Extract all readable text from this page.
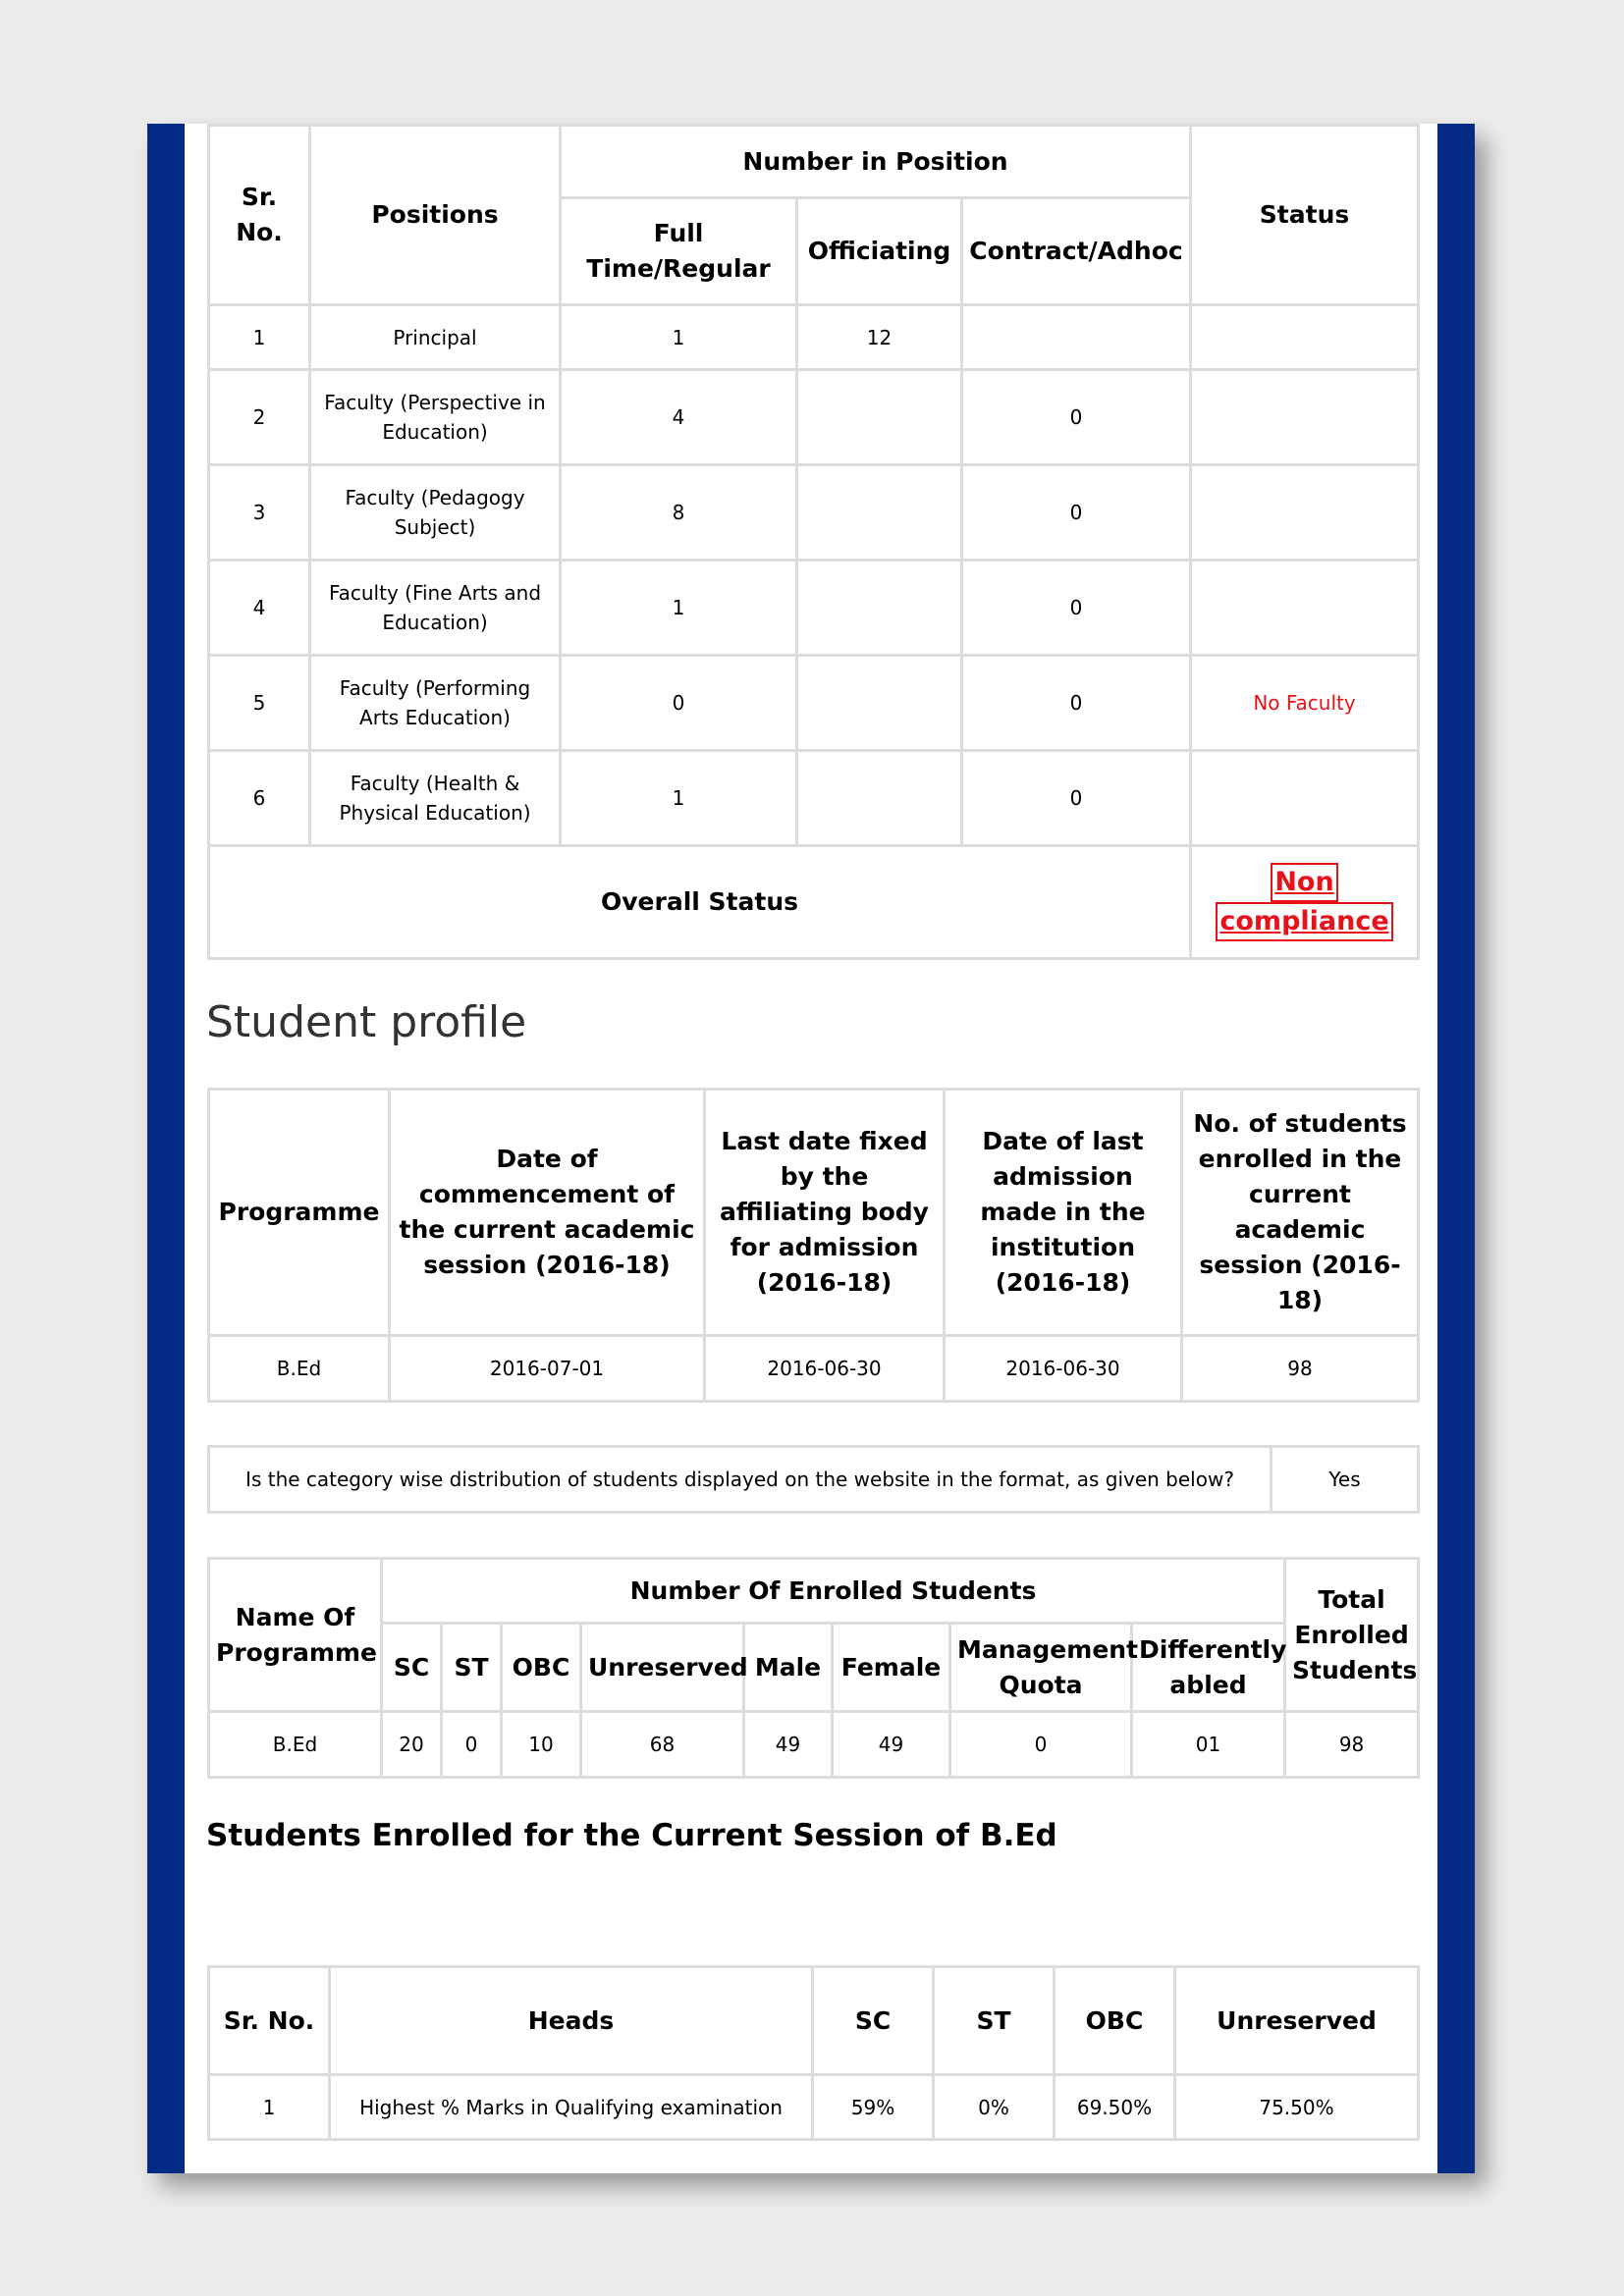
Sr. No.	Positions	Number in Position			Status
		Full Time/Regular	Officiating	Contract/Adhoc	
1	Principal	1	12		
2	Faculty (Perspective in Education)	4		0	
3	Faculty (Pedagogy Subject)	8		0	
4	Faculty (Fine Arts and Education)	1		0	
5	Faculty (Performing Arts Education)	0		0	No Faculty
6	Faculty (Health & Physical Education)	1		0	
Overall Status					Non
compliance
Student profile
Programme	Date of commencement of the current academic session (2016-18)	Last date fixed by the affiliating body for admission (2016-18)	Date of last admission made in the institution (2016-18)	No. of students enrolled in the current academic session (2016-18)
B.Ed	2016-07-01	2016-06-30	2016-06-30	98
Is the category wise distribution of students displayed on the website in the format, as given below?	Yes
Name Of Programme	Number Of Enrolled Students								Total Enrolled Students
	SC	ST	OBC	Unreserved	Male	Female	Management Quota	Differently abled	
B.Ed	20	0	10	68	49	49	0	01	98
Students Enrolled for the Current Session of B.Ed
Sr. No.	Heads	SC	ST	OBC	Unreserved
1	Highest % Marks in Qualifying examination	59%	0%	69.50%	75.50%
